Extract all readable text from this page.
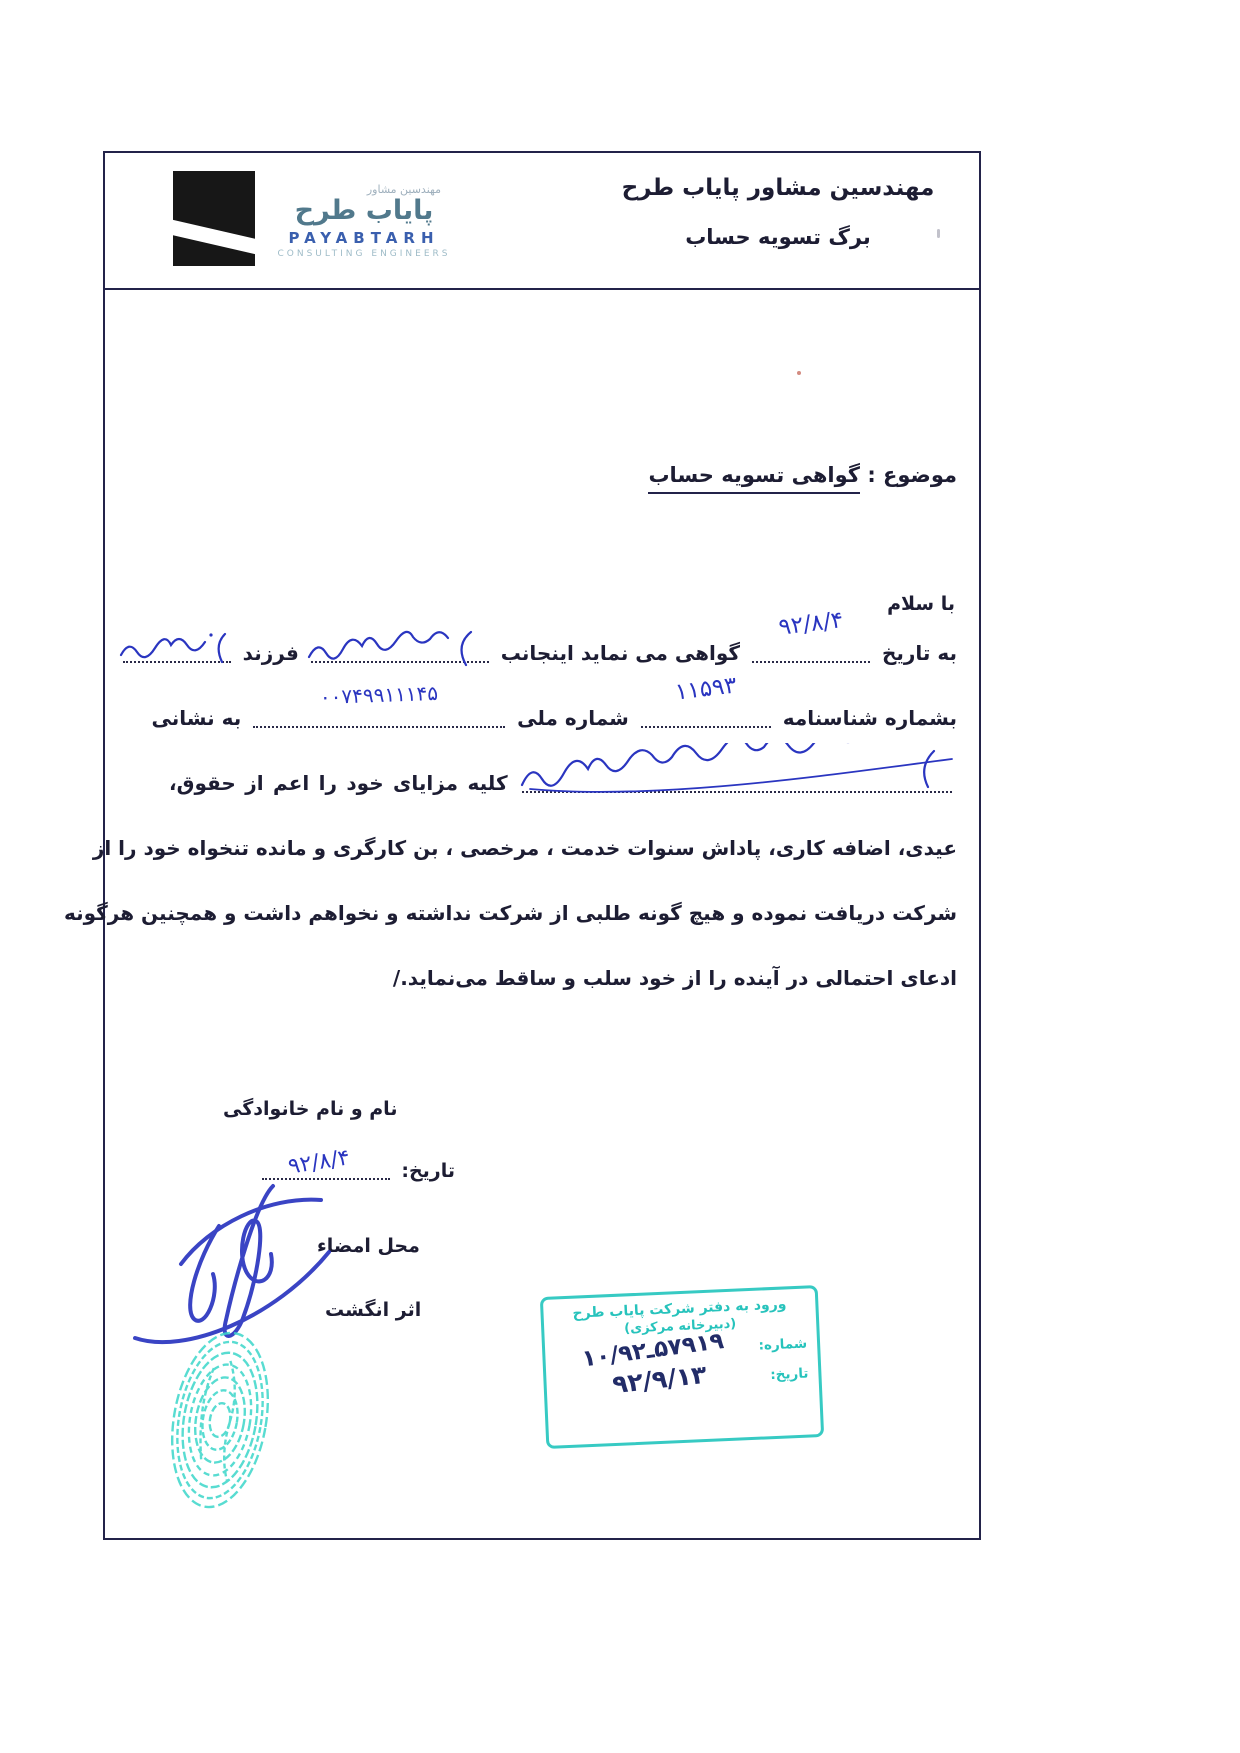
مهندسین مشاور
پایاب طرح
PAYABTARH
CONSULTING ENGINEERS
مهندسین مشاور پایاب طرح
برگ تسویه حساب
موضوع : گواهی تسویه حساب
با سلام
به تاریخ
۹۲/۸/۴
گواهی می نماید اینجانب
فرزند
بشماره شناسنامه
۱۱۵۹۳
شماره ملی
۰۰۷۴۹۹۱۱۱۴۵
به نشانی
کلیه مزایای خود را اعم از حقوق،
عیدی، اضافه کاری، پاداش سنوات خدمت ، مرخصی ، بن کارگری و مانده تنخواه خود را از
شرکت دریافت نموده و هیچ گونه طلبی از شرکت نداشته و نخواهم داشت و همچنین هرگونه
ادعای احتمالی در آینده را از خود سلب و ساقط می‌نماید./
نام و نام خانوادگی
تاریخ:
۹۲/۸/۴
محل امضاء
اثر انگشت	ورود به دفتر شرکت پایاب طرح
(دبیرخانه مرکزی)
شماره:
۱۰/۹۲‎ـ‎۵۷۹۱۹
تاریخ:
۹۲/۹/۱۳
